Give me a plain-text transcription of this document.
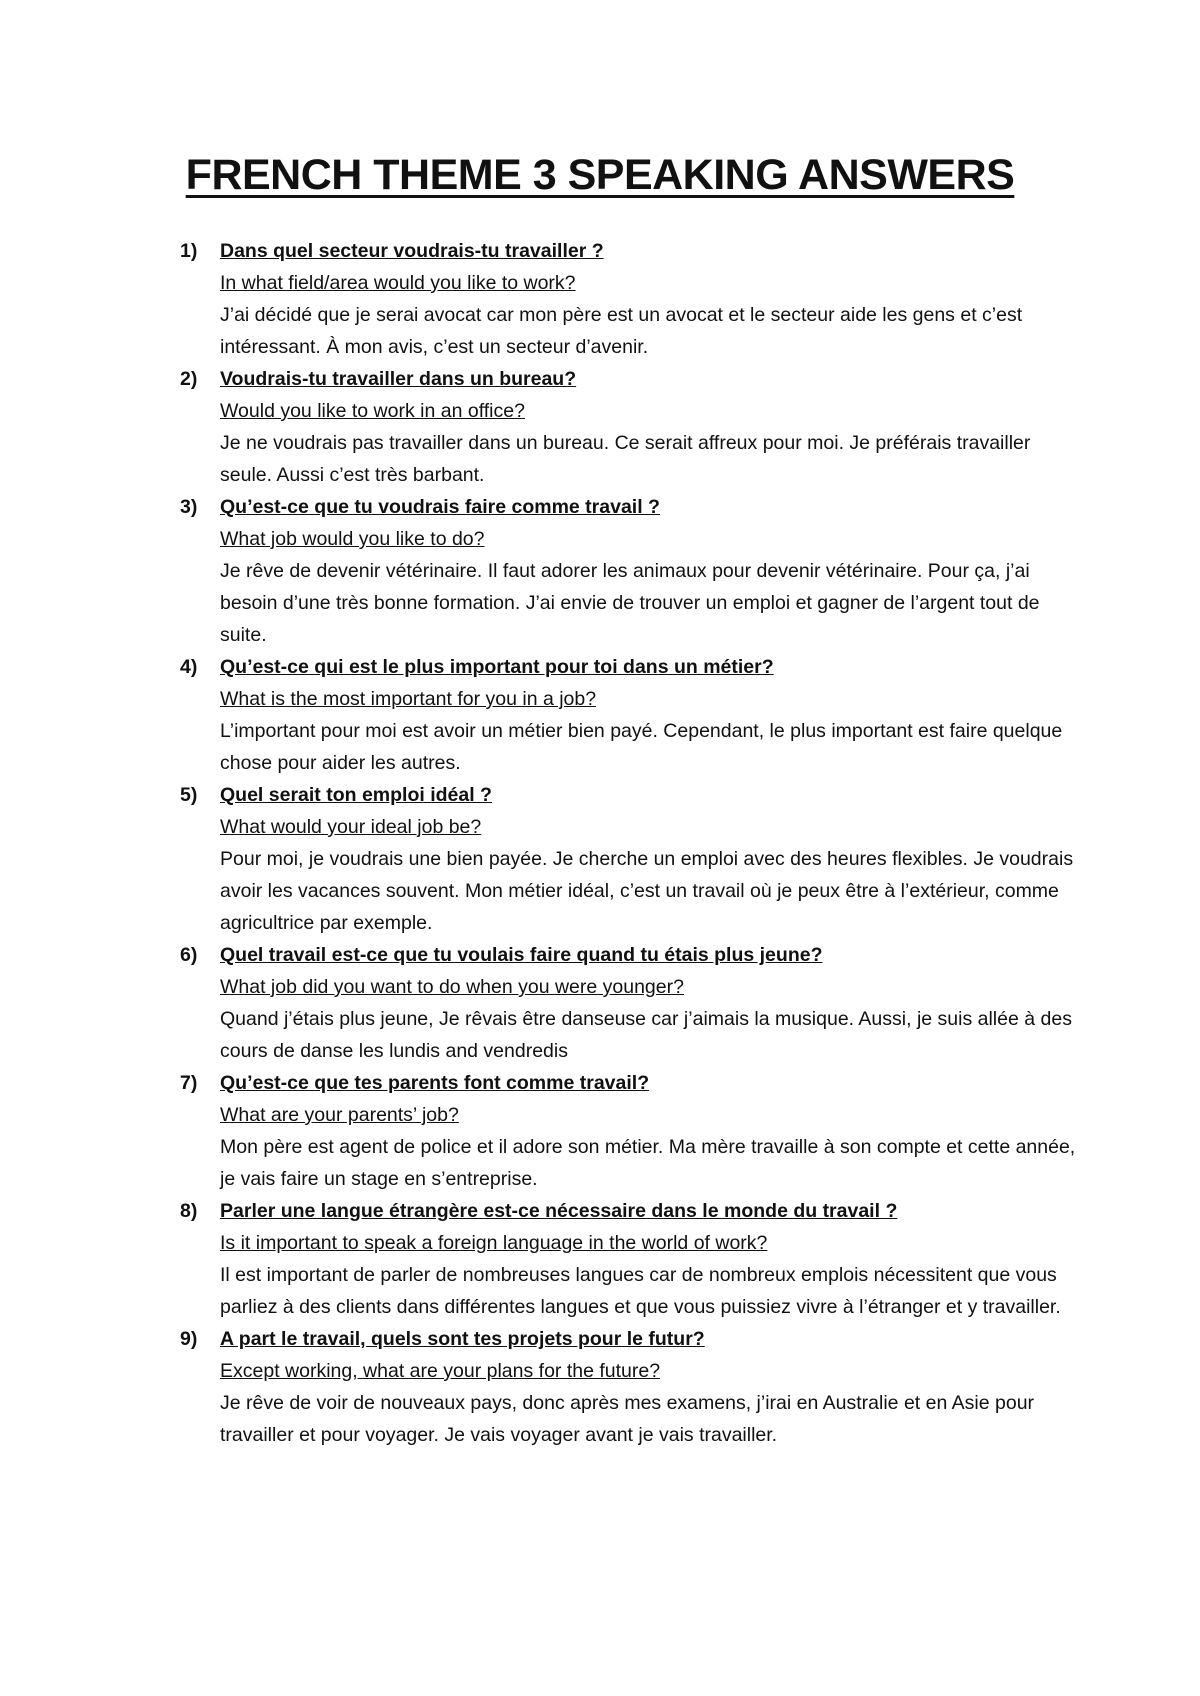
FRENCH THEME 3 SPEAKING ANSWERS
1) Dans quel secteur voudrais-tu travailler ?
In what field/area would you like to work?

J’ai décidé que je serai avocat car mon père est un avocat et le secteur aide les gens et c’est intéressant. À mon avis, c’est un secteur d’avenir.

2) Voudrais-tu travailler dans un bureau?
Would you like to work in an office?

Je ne voudrais pas travailler dans un bureau. Ce serait affreux pour moi. Je préférais travailler seule. Aussi c’est très barbant.

3) Qu’est-ce que tu voudrais faire comme travail ?
What job would you like to do?

Je rêve de devenir vétérinaire. Il faut adorer les animaux pour devenir vétérinaire. Pour ça, j’ai besoin d’une très bonne formation. J’ai envie de trouver un emploi et gagner de l’argent tout de suite.

4) Qu’est-ce qui est le plus important pour toi dans un métier?
What is the most important for you in a job?

L’important pour moi est avoir un métier bien payé. Cependant, le plus important est faire quelque chose pour aider les autres.

5) Quel serait ton emploi idéal ?
What would your ideal job be?

Pour moi, je voudrais une bien payée. Je cherche un emploi avec des heures flexibles. Je voudrais avoir les vacances souvent. Mon métier idéal, c’est un travail où je peux être à l’extérieur, comme agricultrice par exemple.

6) Quel travail est-ce que tu voulais faire quand tu étais plus jeune?
What job did you want to do when you were younger?

Quand j’étais plus jeune, Je rêvais être danseuse car j’aimais la musique. Aussi, je suis allée à des cours de danse les lundis and vendredis

7) Qu’est-ce que tes parents font comme travail?
What are your parents’ job?

Mon père est agent de police et il adore son métier. Ma mère travaille à son compte et cette année, je vais faire un stage en s’entreprise.

8) Parler une langue étrangère est-ce nécessaire dans le monde du travail ?
Is it important to speak a foreign language in the world of work?

Il est important de parler de nombreuses langues car de nombreux emplois nécessitent que vous parliez à des clients dans différentes langues et que vous puissiez vivre à l’étranger et y travailler.

9) A part le travail, quels sont tes projets pour le futur?
Except working, what are your plans for the future?

Je rêve de voir de nouveaux pays, donc après mes examens, j’irai en Australie et en Asie pour travailler et pour voyager. Je vais voyager avant je vais travailler.
